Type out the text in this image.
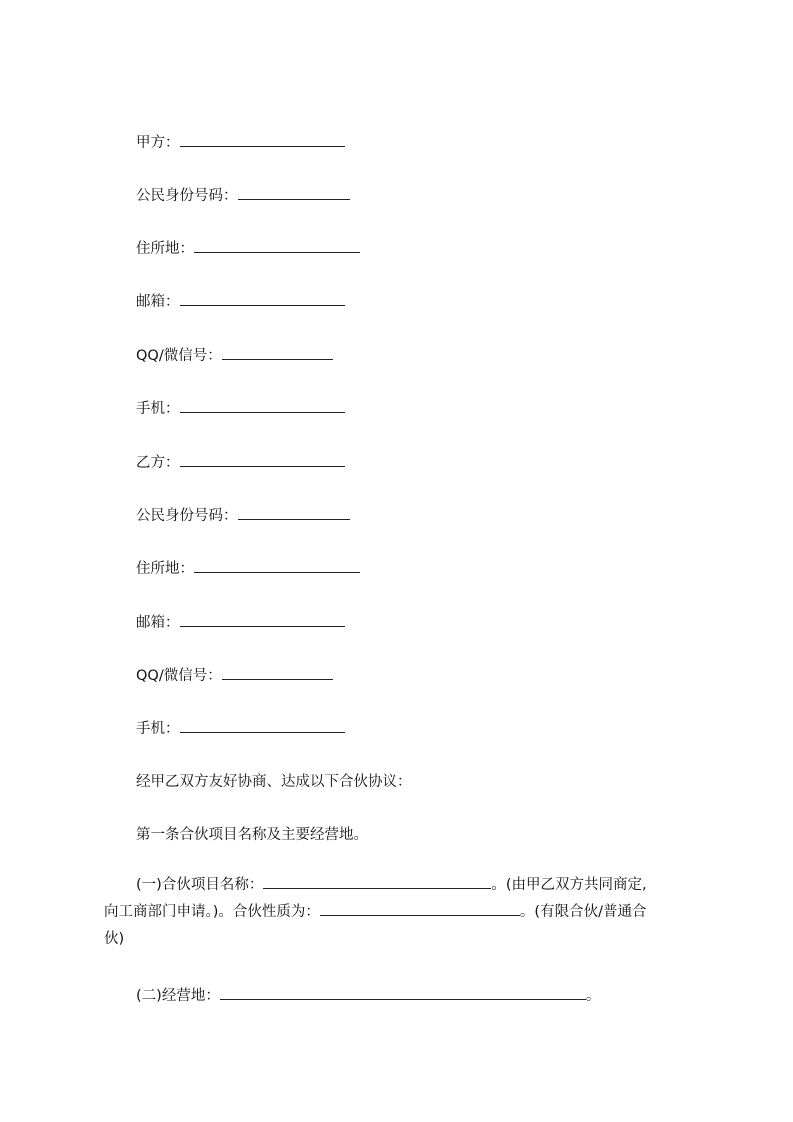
甲方：
公民身份号码：
住所地：
邮箱：
QQ/微信号：
手机：
乙方：
公民身份号码：
住所地：
邮箱：
QQ/微信号：
手机：
经甲乙双方友好协商、达成以下合伙协议：
第一条合伙项目名称及主要经营地。
(一)合伙项目名称：	。(由甲乙双方共同商定,
向工商部门申请。)。合伙性质为：	。(有限合伙/普通合
伙)
(二)经营地：	。
